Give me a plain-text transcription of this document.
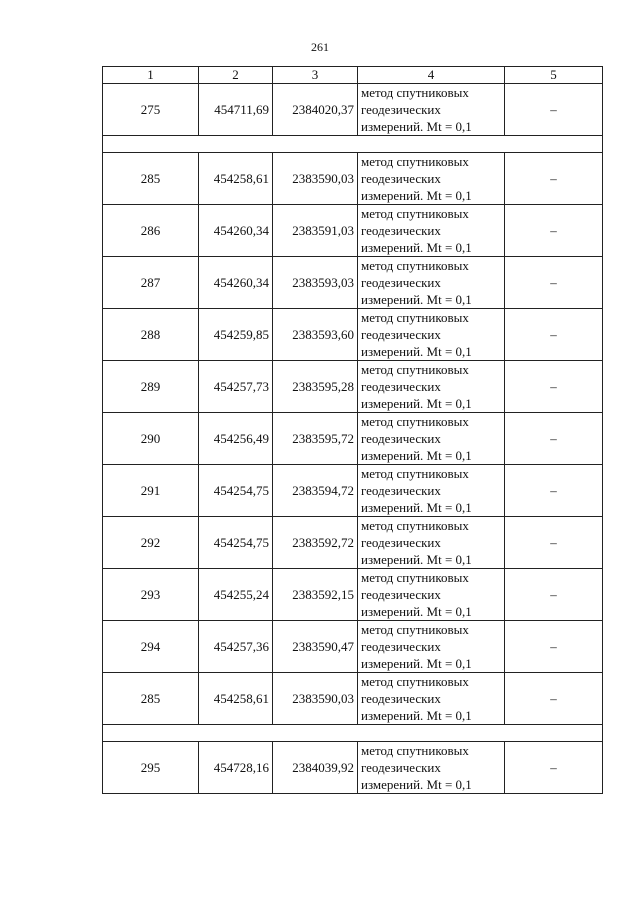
261
1	2	3	4	5
275	454711,69	2384020,37	метод спутниковых геодезических измерений. Mt = 0,1	–

285	454258,61	2383590,03	метод спутниковых геодезических измерений. Mt = 0,1	–
286	454260,34	2383591,03	метод спутниковых геодезических измерений. Mt = 0,1	–
287	454260,34	2383593,03	метод спутниковых геодезических измерений. Mt = 0,1	–
288	454259,85	2383593,60	метод спутниковых геодезических измерений. Mt = 0,1	–
289	454257,73	2383595,28	метод спутниковых геодезических измерений. Mt = 0,1	–
290	454256,49	2383595,72	метод спутниковых геодезических измерений. Mt = 0,1	–
291	454254,75	2383594,72	метод спутниковых геодезических измерений. Mt = 0,1	–
292	454254,75	2383592,72	метод спутниковых геодезических измерений. Mt = 0,1	–
293	454255,24	2383592,15	метод спутниковых геодезических измерений. Mt = 0,1	–
294	454257,36	2383590,47	метод спутниковых геодезических измерений. Mt = 0,1	–
285	454258,61	2383590,03	метод спутниковых геодезических измерений. Mt = 0,1	–

295	454728,16	2384039,92	метод спутниковых геодезических измерений. Mt = 0,1	–
